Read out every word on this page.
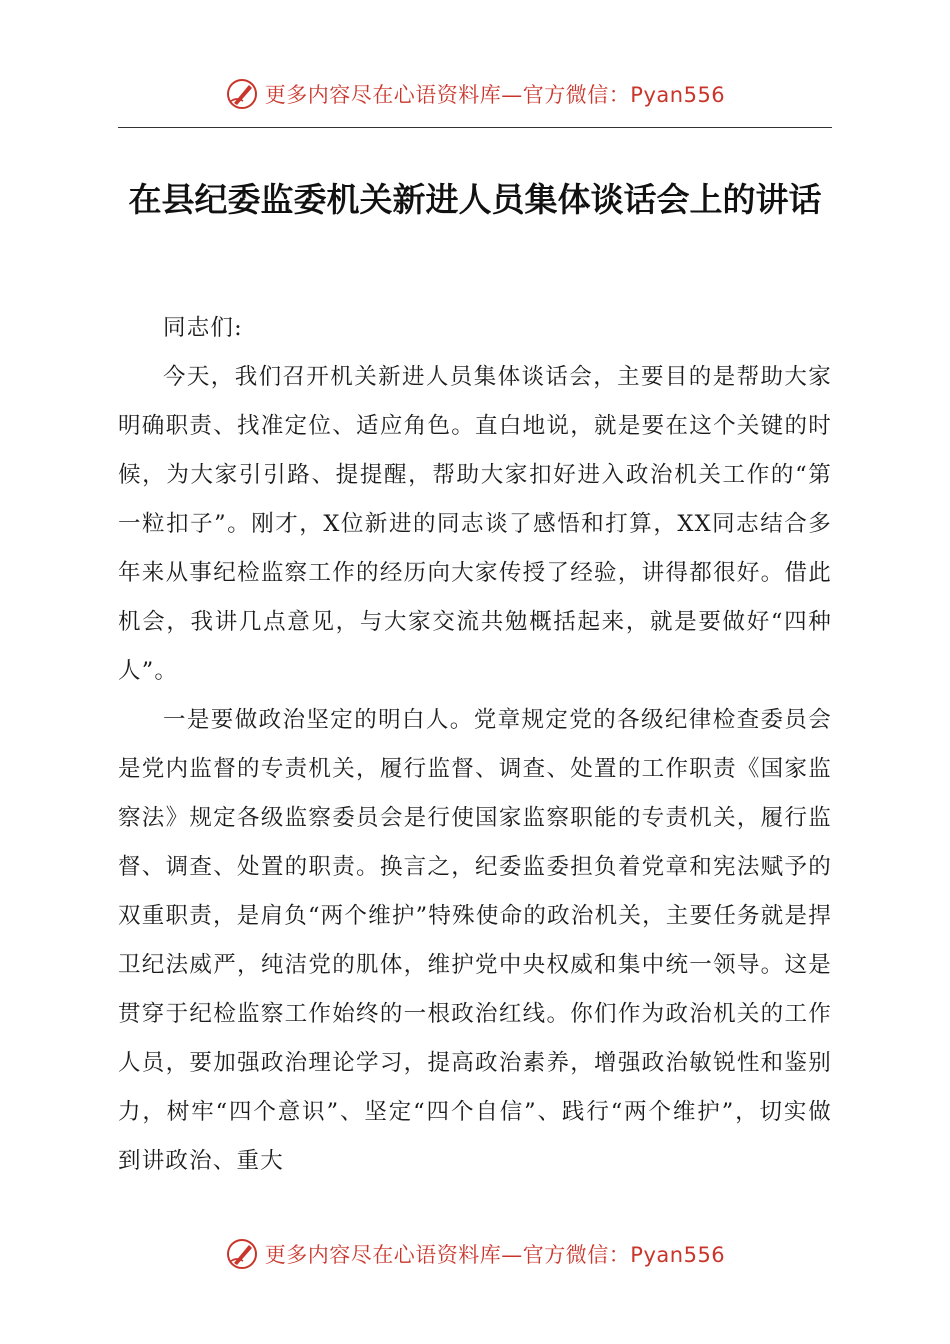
更多内容尽在心语资料库—官方微信：Pyan556
在县纪委监委机关新进人员集体谈话会上的讲话

同志们:

今天，我们召开机关新进人员集体谈话会，主要目的是帮助大家明确职责、找准定位、适应角色。直白地说，就是要在这个关键的时候，为大家引引路、提提醒，帮助大家扣好进入政治机关工作的“第一粒扣子”。刚才，X位新进的同志谈了感悟和打算，XX同志结合多年来从事纪检监察工作的经历向大家传授了经验，讲得都很好。借此机会，我讲几点意见，与大家交流共勉概括起来，就是要做好“四种人”。

一是要做政治坚定的明白人。党章规定党的各级纪律检查委员会是党内监督的专责机关，履行监督、调查、处置的工作职责《国家监察法》规定各级监察委员会是行使国家监察职能的专责机关，履行监督、调查、处置的职责。换言之，纪委监委担负着党章和宪法赋予的双重职责，是肩负“两个维护”特殊使命的政治机关，主要任务就是捍卫纪法威严，纯洁党的肌体，维护党中央权威和集中统一领导。这是贯穿于纪检监察工作始终的一根政治红线。你们作为政治机关的工作人员，要加强政治理论学习，提高政治素养，增强政治敏锐性和鉴别力，树牢“四个意识”、坚定“四个自信”、践行“两个维护”，切实做到讲政治、重大

更多内容尽在心语资料库—官方微信：Pyan556
